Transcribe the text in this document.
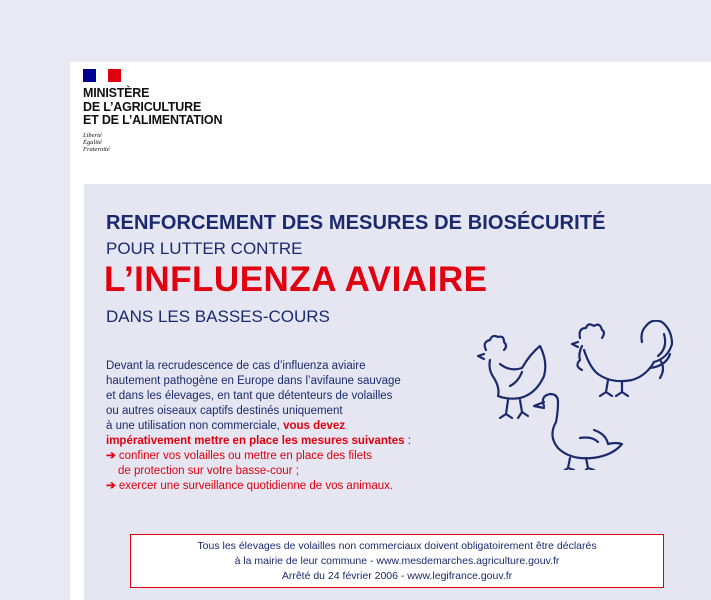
MINISTÈRE
DE L’AGRICULTURE
ET DE L’ALIMENTATION
Liberté
Égalité
Fraternité
RENFORCEMENT DES MESURES DE BIOSÉCURITÉ
POUR LUTTER CONTRE
L’INFLUENZA AVIAIRE
DANS LES BASSES-COURS
Devant la recrudescence de cas d’influenza aviaire
hautement pathogène en Europe dans l’avifaune sauvage
et dans les élevages, en tant que détenteurs de volailles
ou autres oiseaux captifs destinés uniquement
à une utilisation non commerciale, vous devez
impérativement mettre en place les mesures suivantes :
➔ confiner vos volailles ou mettre en place des filets
de protection sur votre basse-cour ;
➔ exercer une surveillance quotidienne de vos animaux.
Tous les élevages de volailles non commerciaux doivent obligatoirement être déclarés
à la mairie de leur commune - www.mesdemarches.agriculture.gouv.fr
Arrêté du 24 février 2006 - www.legifrance.gouv.fr
